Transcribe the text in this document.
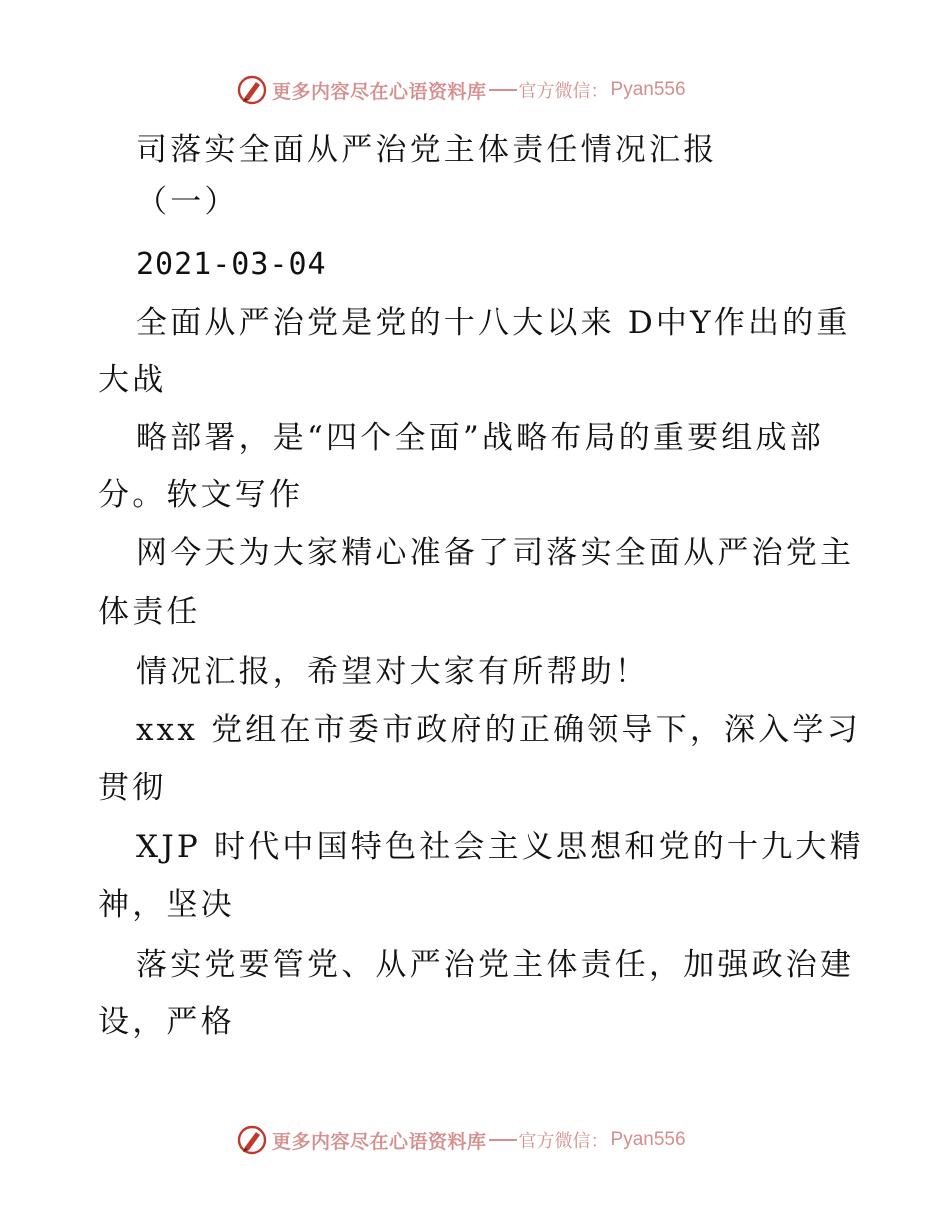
更多内容尽在心语资料库 官方微信： Pyan556
司落实全面从严治党主体责任情况汇报
（一）
2021-03-04
全面从严治党是党的十八大以来 D中Y作出的重
大战
略部署，是“四个全面”战略布局的重要组成部
分。软文写作
网今天为大家精心准备了司落实全面从严治党主
体责任
情况汇报，希望对大家有所帮助！
xxx 党组在市委市政府的正确领导下，深入学习
贯彻
XJP 时代中国特色社会主义思想和党的十九大精
神，坚决
落实党要管党、从严治党主体责任，加强政治建
设，严格
更多内容尽在心语资料库 官方微信： Pyan556
